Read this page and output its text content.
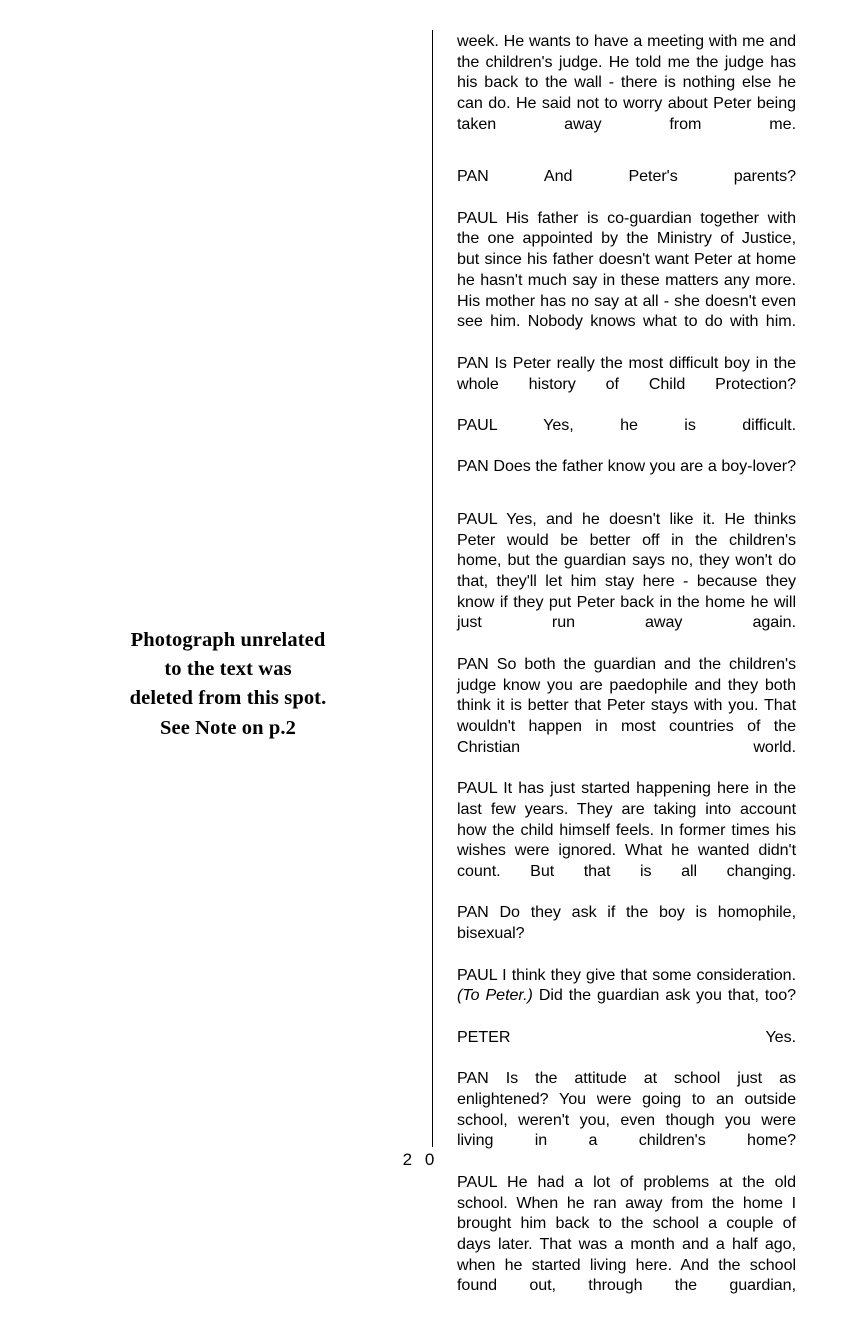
Photograph unrelated
to the text was
deleted from this spot.
See Note on p.2

week. He wants to have a meeting with me and the children's judge. He told me the judge has his back to the wall - there is nothing else he can do. He said not to worry about Peter being taken away from me.

PAN And Peter's parents?

PAUL His father is co-guardian together with the one appointed by the Ministry of Justice, but since his father doesn't want Peter at home he hasn't much say in these matters any more. His mother has no say at all - she doesn't even see him. Nobody knows what to do with him.

PAN Is Peter really the most difficult boy in the whole history of Child Protection?

PAUL Yes, he is difficult.

PAN Does the father know you are a boy-lover?

PAUL Yes, and he doesn't like it. He thinks Peter would be better off in the children's home, but the guardian says no, they won't do that, they'll let him stay here - because they know if they put Peter back in the home he will just run away again.

PAN So both the guardian and the children's judge know you are paedophile and they both think it is better that Peter stays with you. That wouldn't happen in most countries of the Christian world.

PAUL It has just started happening here in the last few years. They are taking into account how the child himself feels. In former times his wishes were ignored. What he wanted didn't count. But that is all changing.

PAN Do they ask if the boy is homophile, bisexual?

PAUL I think they give that some consideration. (To Peter.) Did the guardian ask you that, too?

PETER Yes.

PAN Is the attitude at school just as enlightened? You were going to an outside school, weren't you, even though you were living in a children's home?

PAUL He had a lot of problems at the old school. When he ran away from the home I brought him back to the school a couple of days later. That was a month and a half ago, when he started living here. And the school found out, through the guardian,

2 0
